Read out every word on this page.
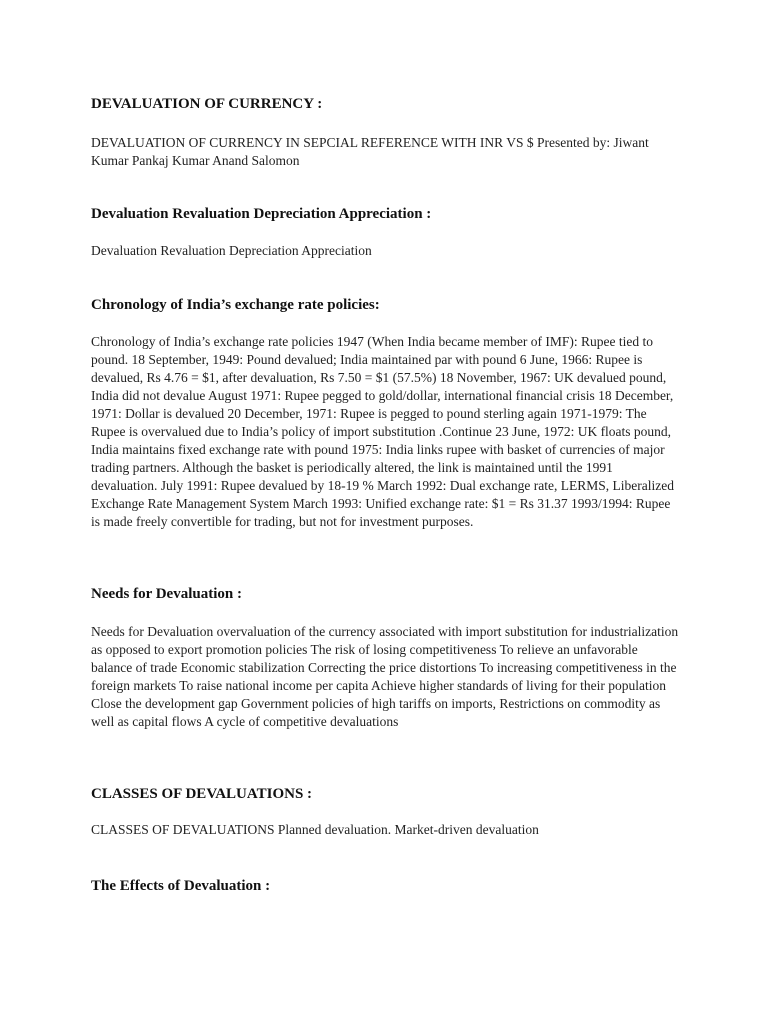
DEVALUATION OF CURRENCY :

DEVALUATION OF CURRENCY IN SEPCIAL REFERENCE WITH INR VS $ Presented by: Jiwant Kumar Pankaj Kumar Anand Salomon

Devaluation Revaluation Depreciation Appreciation :

Devaluation Revaluation Depreciation Appreciation

Chronology of India’s exchange rate policies:

Chronology of India’s exchange rate policies 1947 (When India became member of IMF): Rupee tied to pound. 18 September, 1949: Pound devalued; India maintained par with pound 6 June, 1966: Rupee is devalued, Rs 4.76 = $1, after devaluation, Rs 7.50 = $1 (57.5%) 18 November, 1967: UK devalued pound, India did not devalue August 1971: Rupee pegged to gold/dollar, international financial crisis 18 December, 1971: Dollar is devalued 20 December, 1971: Rupee is pegged to pound sterling again 1971-1979: The Rupee is overvalued due to India’s policy of import substitution .Continue 23 June, 1972: UK floats pound, India maintains fixed exchange rate with pound 1975: India links rupee with basket of currencies of major trading partners. Although the basket is periodically altered, the link is maintained until the 1991 devaluation. July 1991: Rupee devalued by 18-19 % March 1992: Dual exchange rate, LERMS, Liberalized Exchange Rate Management System March 1993: Unified exchange rate: $1 = Rs 31.37 1993/1994: Rupee is made freely convertible for trading, but not for investment purposes.

Needs for Devaluation :

Needs for Devaluation overvaluation of the currency associated with import substitution for industrialization as opposed to export promotion policies The risk of losing competitiveness To relieve an unfavorable balance of trade Economic stabilization Correcting the price distortions To increasing competitiveness in the foreign markets To raise national income per capita Achieve higher standards of living for their population Close the development gap Government policies of high tariffs on imports, Restrictions on commodity as well as capital flows A cycle of competitive devaluations

CLASSES OF DEVALUATIONS :

CLASSES OF DEVALUATIONS Planned devaluation. Market-driven devaluation

The Effects of Devaluation :
